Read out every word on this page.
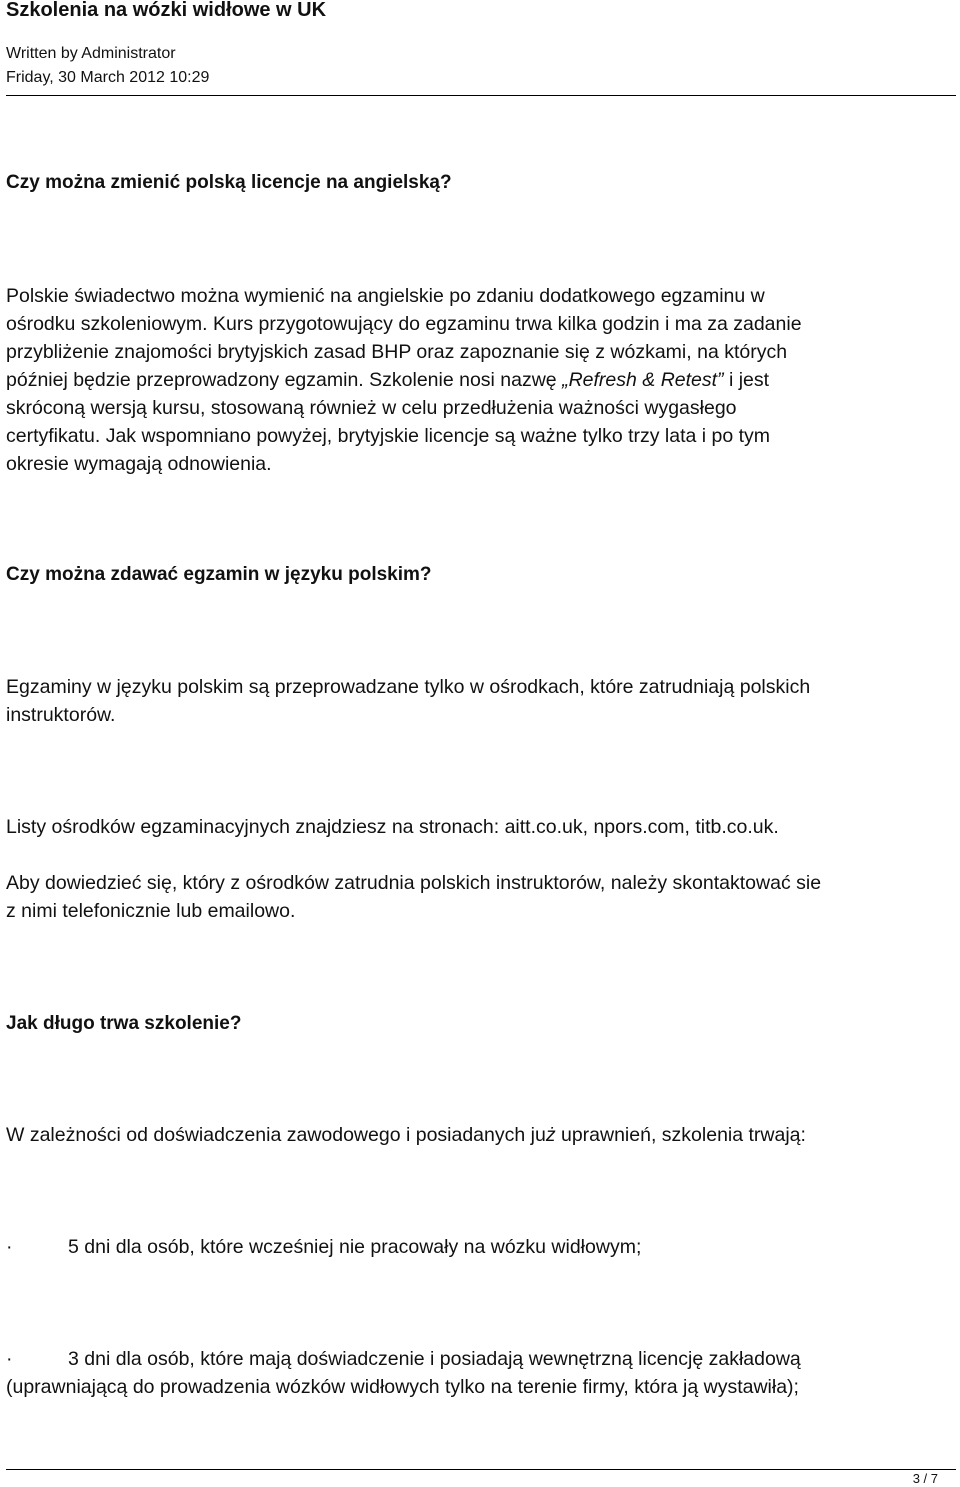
Szkolenia na wózki widłowe w UK
Written by Administrator
Friday, 30 March 2012 10:29
Czy można zmienić polską licencje na angielską?
Polskie świadectwo można wymienić na angielskie po zdaniu dodatkowego egzaminu w
ośrodku szkoleniowym. Kurs przygotowujący do egzaminu trwa kilka godzin i ma za zadanie
przybliżenie znajomości brytyjskich zasad BHP oraz zapoznanie się z wózkami, na których
później będzie przeprowadzony egzamin. Szkolenie nosi nazwę „Refresh & Retest” i jest
skróconą wersją kursu, stosowaną również w celu przedłużenia ważności wygasłego
certyfikatu. Jak wspomniano powyżej, brytyjskie licencje są ważne tylko trzy lata i po tym
okresie wymagają odnowienia.
Czy można zdawać egzamin w języku polskim?
Egzaminy w języku polskim są przeprowadzane tylko w ośrodkach, które zatrudniają polskich
instruktorów.
Listy ośrodków egzaminacyjnych znajdziesz na stronach: aitt.co.uk, npors.com, titb.co.uk.
Aby dowiedzieć się, który z ośrodków zatrudnia polskich instruktorów, należy skontaktować sie
z nimi telefonicznie lub emailowo.
Jak długo trwa szkolenie?
W zależności od doświadczenia zawodowego i posiadanych już uprawnień, szkolenia trwają:
·	5 dni dla osób, które wcześniej nie pracowały na wózku widłowym;
·	3 dni dla osób, które mają doświadczenie i posiadają wewnętrzną licencję zakładową
(uprawniającą do prowadzenia wózków widłowych tylko na terenie firmy, która ją wystawiła);
3 / 7
